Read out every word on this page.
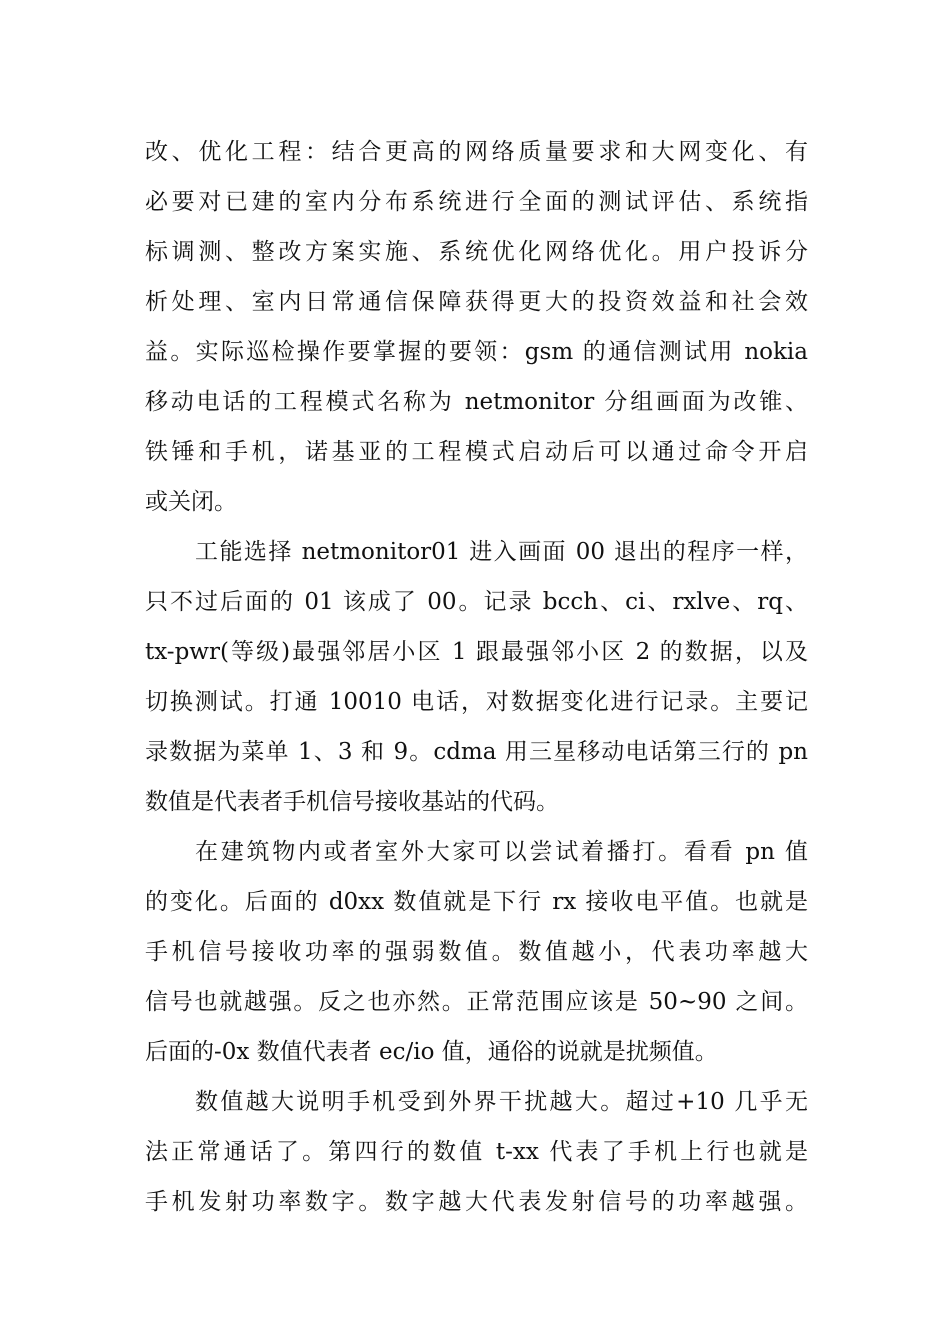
改、优化工程：结合更高的网络质量要求和大网变化、有
必要对已建的室内分布系统进行全面的测试评估、系统指
标调测、整改方案实施、系统优化网络优化。用户投诉分
析处理、室内日常通信保障获得更大的投资效益和社会效
益。实际巡检操作要掌握的要领：gsm 的通信测试用 nokia
移动电话的工程模式名称为 netmonitor 分组画面为改锥、
铁锤和手机，诺基亚的工程模式启动后可以通过命令开启
或关闭。
工能选择 netmonitor01 进入画面 00 退出的程序一样，
只不过后面的 01 该成了 00。记录 bcch、ci、rxlve、rq、
tx-pwr(等级)最强邻居小区 1 跟最强邻小区 2 的数据，以及
切换测试。打通 10010 电话，对数据变化进行记录。主要记
录数据为菜单 1、3 和 9。cdma 用三星移动电话第三行的 pn
数值是代表者手机信号接收基站的代码。
在建筑物内或者室外大家可以尝试着播打。看看 pn 值
的变化。后面的 d0xx 数值就是下行 rx 接收电平值。也就是
手机信号接收功率的强弱数值。数值越小，代表功率越大
信号也就越强。反之也亦然。正常范围应该是 50~90 之间。
后面的-0x 数值代表者 ec/io 值，通俗的说就是扰频值。
数值越大说明手机受到外界干扰越大。超过+10 几乎无
法正常通话了。第四行的数值 t-xx 代表了手机上行也就是
手机发射功率数字。数字越大代表发射信号的功率越强。
